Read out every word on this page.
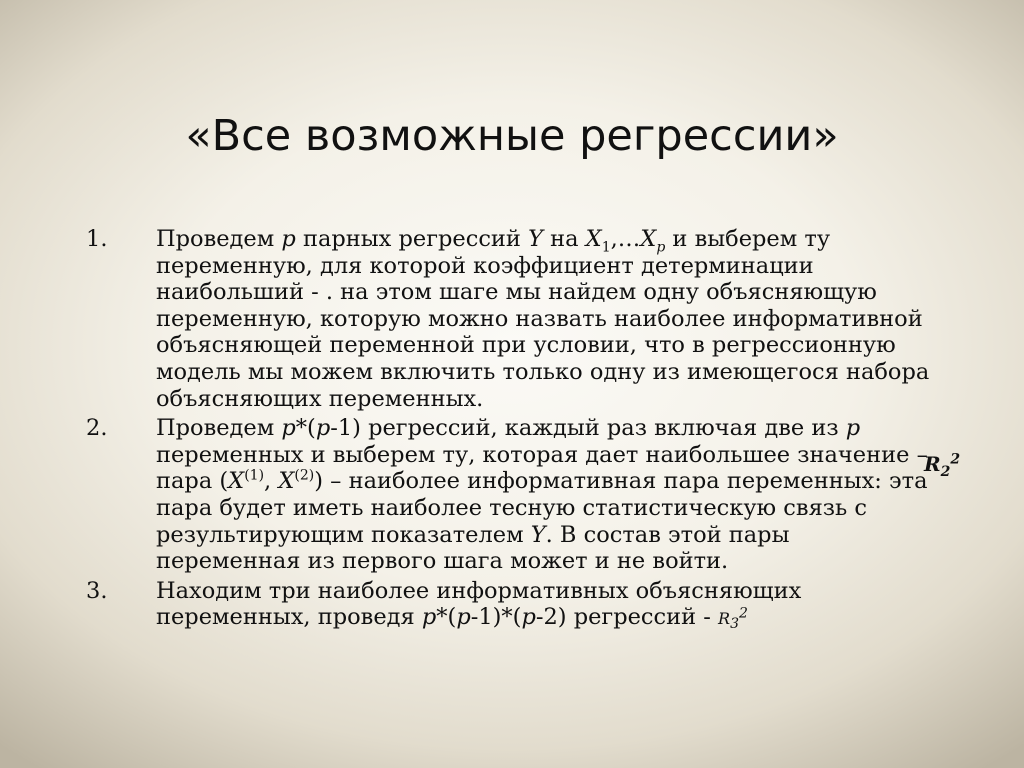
«Все возможные регрессии»
1.	Проведем p парных регрессий Y на $X_1,\dots X_p$ и выберем ту переменную, для которой коэффициент детерминации наибольший - . на этом шаге мы найдем одну объясняющую переменную, которую можно назвать наиболее информативной объясняющей переменной при условии, что в регрессионную модель мы можем включить только одну из имеющегося набора объясняющих переменных.
2.	Проведем p*(p-1) регрессий, каждый раз включая две из p переменных и выберем ту, которая дает наибольшее значение – пара ($X^{(1)}$, $X^{(2)}$) – наиболее информативная пара переменных: эта пара будет иметь наиболее тесную статистическую связь с результирующим показателем Y. В состав этой пары переменная из первого шага может и не войти.
3.	Находим три наиболее информативных объясняющих переменных, проведя p*(p-1)*(p-2) регрессий - $R_3^2$
$R_2^2$
